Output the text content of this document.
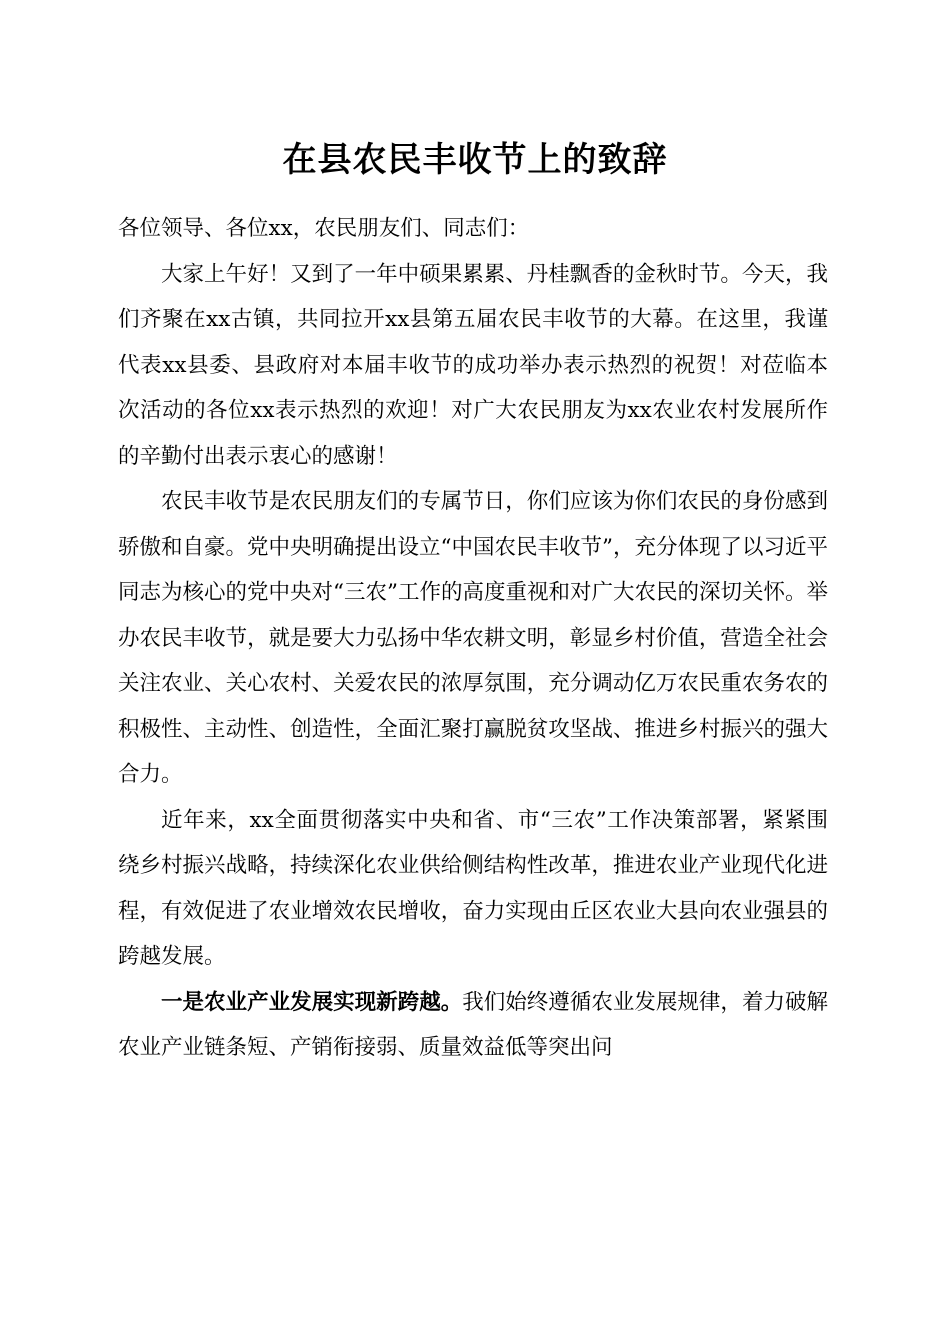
在县农民丰收节上的致辞

各位领导、各位xx，农民朋友们、同志们：

大家上午好！又到了一年中硕果累累、丹桂飘香的金秋时节。今天，我们齐聚在xx古镇，共同拉开xx县第五届农民丰收节的大幕。在这里，我谨代表xx县委、县政府对本届丰收节的成功举办表示热烈的祝贺！对莅临本次活动的各位xx表示热烈的欢迎！对广大农民朋友为xx农业农村发展所作的辛勤付出表示衷心的感谢！

农民丰收节是农民朋友们的专属节日，你们应该为你们农民的身份感到骄傲和自豪。党中央明确提出设立“中国农民丰收节”，充分体现了以习近平同志为核心的党中央对“三农”工作的高度重视和对广大农民的深切关怀。举办农民丰收节，就是要大力弘扬中华农耕文明，彰显乡村价值，营造全社会关注农业、关心农村、关爱农民的浓厚氛围，充分调动亿万农民重农务农的积极性、主动性、创造性，全面汇聚打赢脱贫攻坚战、推进乡村振兴的强大合力。

近年来，xx全面贯彻落实中央和省、市“三农”工作决策部署，紧紧围绕乡村振兴战略，持续深化农业供给侧结构性改革，推进农业产业现代化进程，有效促进了农业增效农民增收，奋力实现由丘区农业大县向农业强县的跨越发展。

一是农业产业发展实现新跨越。我们始终遵循农业发展规律，着力破解农业产业链条短、产销衔接弱、质量效益低等突出问
